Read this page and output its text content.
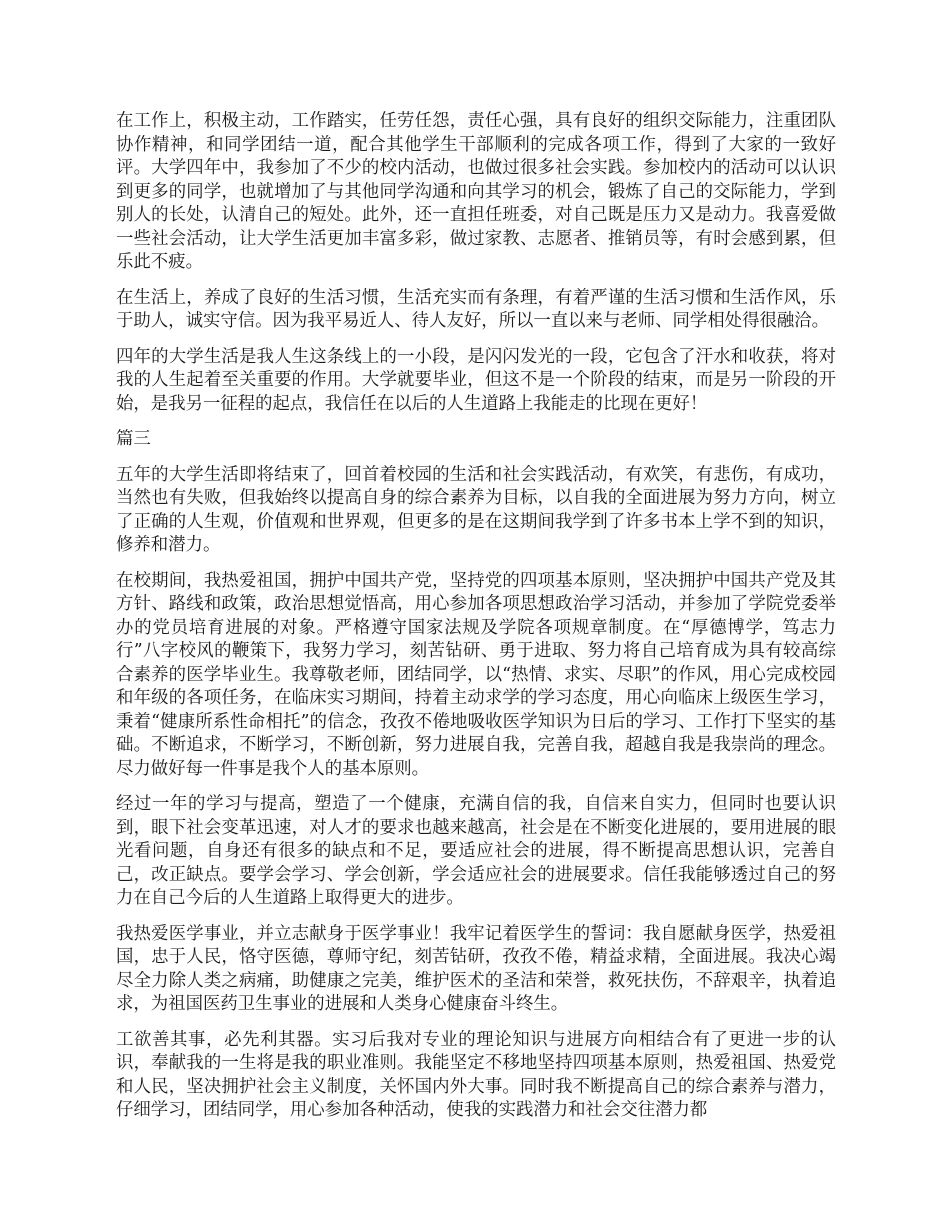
在工作上，积极主动，工作踏实，任劳任怨，责任心强，具有良好的组织交际能力，注重团队协作精神，和同学团结一道，配合其他学生干部顺利的完成各项工作，得到了大家的一致好评。大学四年中，我参加了不少的校内活动，也做过很多社会实践。参加校内的活动可以认识到更多的同学，也就增加了与其他同学沟通和向其学习的机会，锻炼了自己的交际能力，学到别人的长处，认清自己的短处。此外，还一直担任班委，对自己既是压力又是动力。我喜爱做一些社会活动，让大学生活更加丰富多彩，做过家教、志愿者、推销员等，有时会感到累，但乐此不疲。

在生活上，养成了良好的生活习惯，生活充实而有条理，有着严谨的生活习惯和生活作风，乐于助人，诚实守信。因为我平易近人、待人友好，所以一直以来与老师、同学相处得很融洽。

四年的大学生活是我人生这条线上的一小段，是闪闪发光的一段，它包含了汗水和收获，将对我的人生起着至关重要的作用。大学就要毕业，但这不是一个阶段的结束，而是另一阶段的开始，是我另一征程的起点，我信任在以后的人生道路上我能走的比现在更好！

篇三

五年的大学生活即将结束了，回首着校园的生活和社会实践活动，有欢笑，有悲伤，有成功，当然也有失败，但我始终以提高自身的综合素养为目标，以自我的全面进展为努力方向，树立了正确的人生观，价值观和世界观，但更多的是在这期间我学到了许多书本上学不到的知识，修养和潜力。

在校期间，我热爱祖国，拥护中国共产党，坚持党的四项基本原则，坚决拥护中国共产党及其方针、路线和政策，政治思想觉悟高，用心参加各项思想政治学习活动，并参加了学院党委举办的党员培育进展的对象。严格遵守国家法规及学院各项规章制度。在“厚德博学，笃志力行”八字校风的鞭策下，我努力学习，刻苦钻研、勇于进取、努力将自己培育成为具有较高综合素养的医学毕业生。我尊敬老师，团结同学，以“热情、求实、尽职”的作风，用心完成校园和年级的各项任务，在临床实习期间，持着主动求学的学习态度，用心向临床上级医生学习，秉着“健康所系性命相托”的信念，孜孜不倦地吸收医学知识为日后的学习、工作打下坚实的基础。不断追求，不断学习，不断创新，努力进展自我，完善自我，超越自我是我崇尚的理念。尽力做好每一件事是我个人的基本原则。

经过一年的学习与提高，塑造了一个健康，充满自信的我，自信来自实力，但同时也要认识到，眼下社会变革迅速，对人才的要求也越来越高，社会是在不断变化进展的，要用进展的眼光看问题，自身还有很多的缺点和不足，要适应社会的进展，得不断提高思想认识，完善自己，改正缺点。要学会学习、学会创新，学会适应社会的进展要求。信任我能够透过自己的努力在自己今后的人生道路上取得更大的进步。

我热爱医学事业，并立志献身于医学事业！我牢记着医学生的誓词：我自愿献身医学，热爱祖国，忠于人民，恪守医德，尊师守纪，刻苦钻研，孜孜不倦，精益求精，全面进展。我决心竭尽全力除人类之病痛，助健康之完美，维护医术的圣洁和荣誉，救死扶伤，不辞艰辛，执着追求，为祖国医药卫生事业的进展和人类身心健康奋斗终生。

工欲善其事，必先利其器。实习后我对专业的理论知识与进展方向相结合有了更进一步的认识，奉献我的一生将是我的职业准则。我能坚定不移地坚持四项基本原则，热爱祖国、热爱党和人民，坚决拥护社会主义制度，关怀国内外大事。同时我不断提高自己的综合素养与潜力，仔细学习，团结同学，用心参加各种活动，使我的实践潜力和社会交往潜力都
